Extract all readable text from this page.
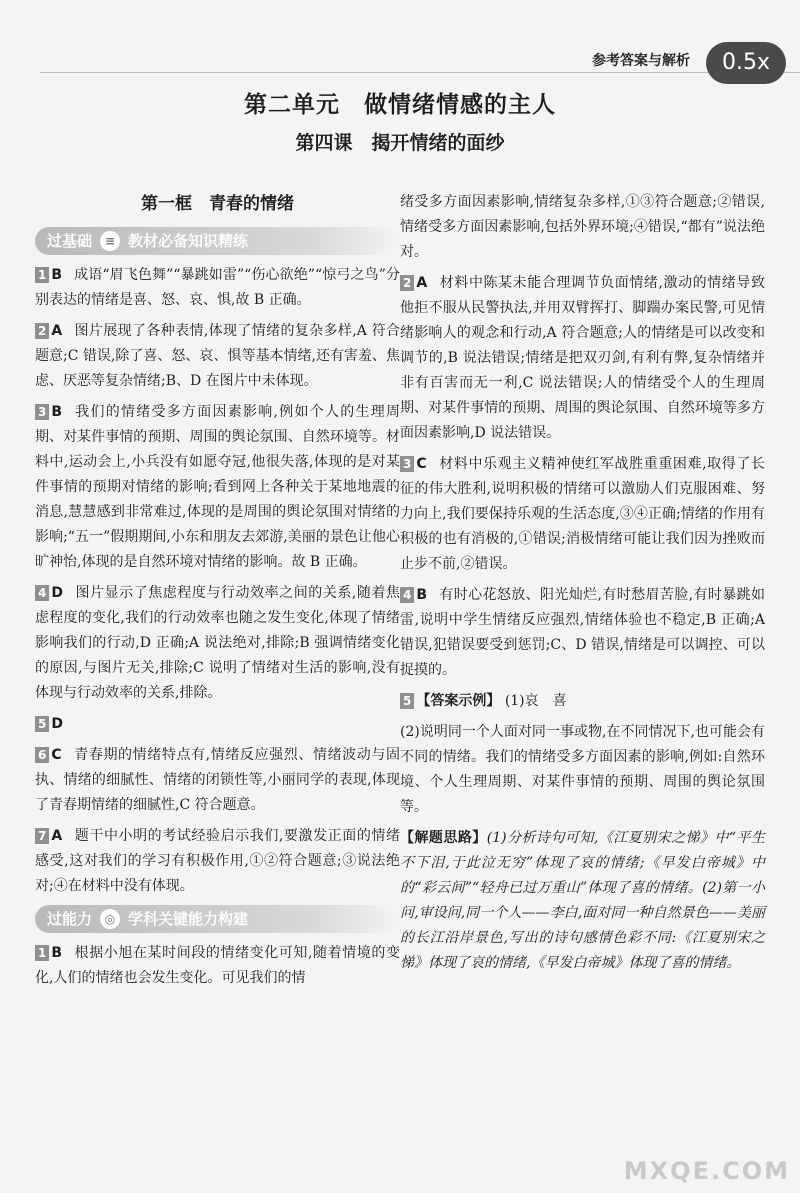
参考答案与解析	0.5x
第二单元　做情绪情感的主人
第四课　揭开情绪的面纱
第一框　青春的情绪
过基础	≡ 教材必备知识精练
1 B 成语“眉飞色舞”“暴跳如雷”“伤心欲绝”“惊弓之鸟”分别表达的情绪是喜、怒、哀、惧,故 B 正确。
2 A 图片展现了各种表情,体现了情绪的复杂多样,A 符合题意;C 错误,除了喜、怒、哀、惧等基本情绪,还有害羞、焦虑、厌恶等复杂情绪;B、D 在图片中未体现。
3 B 我们的情绪受多方面因素影响,例如个人的生理周期、对某件事情的预期、周围的舆论氛围、自然环境等。材料中,运动会上,小兵没有如愿夺冠,他很失落,体现的是对某件事情的预期对情绪的影响;看到网上各种关于某地地震的消息,慧慧感到非常难过,体现的是周围的舆论氛围对情绪的影响;“五一”假期期间,小东和朋友去郊游,美丽的景色让他心旷神怡,体现的是自然环境对情绪的影响。故 B 正确。
4 D 图片显示了焦虑程度与行动效率之间的关系,随着焦虑程度的变化,我们的行动效率也随之发生变化,体现了情绪影响我们的行动,D 正确;A 说法绝对,排除;B 强调情绪变化的原因,与图片无关,排除;C 说明了情绪对生活的影响,没有体现与行动效率的关系,排除。
5 D
6 C 青春期的情绪特点有,情绪反应强烈、情绪波动与固执、情绪的细腻性、情绪的闭锁性等,小丽同学的表现,体现了青春期情绪的细腻性,C 符合题意。
7 A 题干中小明的考试经验启示我们,要激发正面的情绪感受,这对我们的学习有积极作用,①②符合题意;③说法绝对;④在材料中没有体现。
过能力	◎ 学科关键能力构建
1 B 根据小旭在某时间段的情绪变化可知,随着情境的变化,人们的情绪也会发生变化。可见我们的情
绪受多方面因素影响,情绪复杂多样,①③符合题意;②错误,情绪受多方面因素影响,包括外界环境;④错误,“都有”说法绝对。
2 A 材料中陈某未能合理调节负面情绪,激动的情绪导致他拒不服从民警执法,并用双臂挥打、脚踹办案民警,可见情绪影响人的观念和行动,A 符合题意;人的情绪是可以改变和调节的,B 说法错误;情绪是把双刃剑,有利有弊,复杂情绪并非有百害而无一利,C 说法错误;人的情绪受个人的生理周期、对某件事情的预期、周围的舆论氛围、自然环境等多方面因素影响,D 说法错误。
3 C 材料中乐观主义精神使红军战胜重重困难,取得了长征的伟大胜利,说明积极的情绪可以激励人们克服困难、努力向上,我们要保持乐观的生活态度,③④正确;情绪的作用有积极的也有消极的,①错误;消极情绪可能让我们因为挫败而止步不前,②错误。
4 B 有时心花怒放、阳光灿烂,有时愁眉苦脸,有时暴跳如雷,说明中学生情绪反应强烈,情绪体验也不稳定,B 正确;A 错误,犯错误要受到惩罚;C、D 错误,情绪是可以调控、可以捉摸的。
5 【答案示例】 (1)哀　喜
(2)说明同一个人面对同一事或物,在不同情况下,也可能会有不同的情绪。我们的情绪受多方面因素的影响,例如:自然环境、个人生理周期、对某件事情的预期、周围的舆论氛围等。
【解题思路】(1)分析诗句可知,《江夏别宋之悌》中“平生不下泪,于此泣无穷”体现了哀的情绪;《早发白帝城》中的“彩云间”“轻舟已过万重山”体现了喜的情绪。(2)第一小问,审设问,同一个人——李白,面对同一种自然景色——美丽的长江沿岸景色,写出的诗句感情色彩不同:《江夏别宋之悌》体现了哀的情绪,《早发白帝城》体现了喜的情绪。
MXQE.COM
